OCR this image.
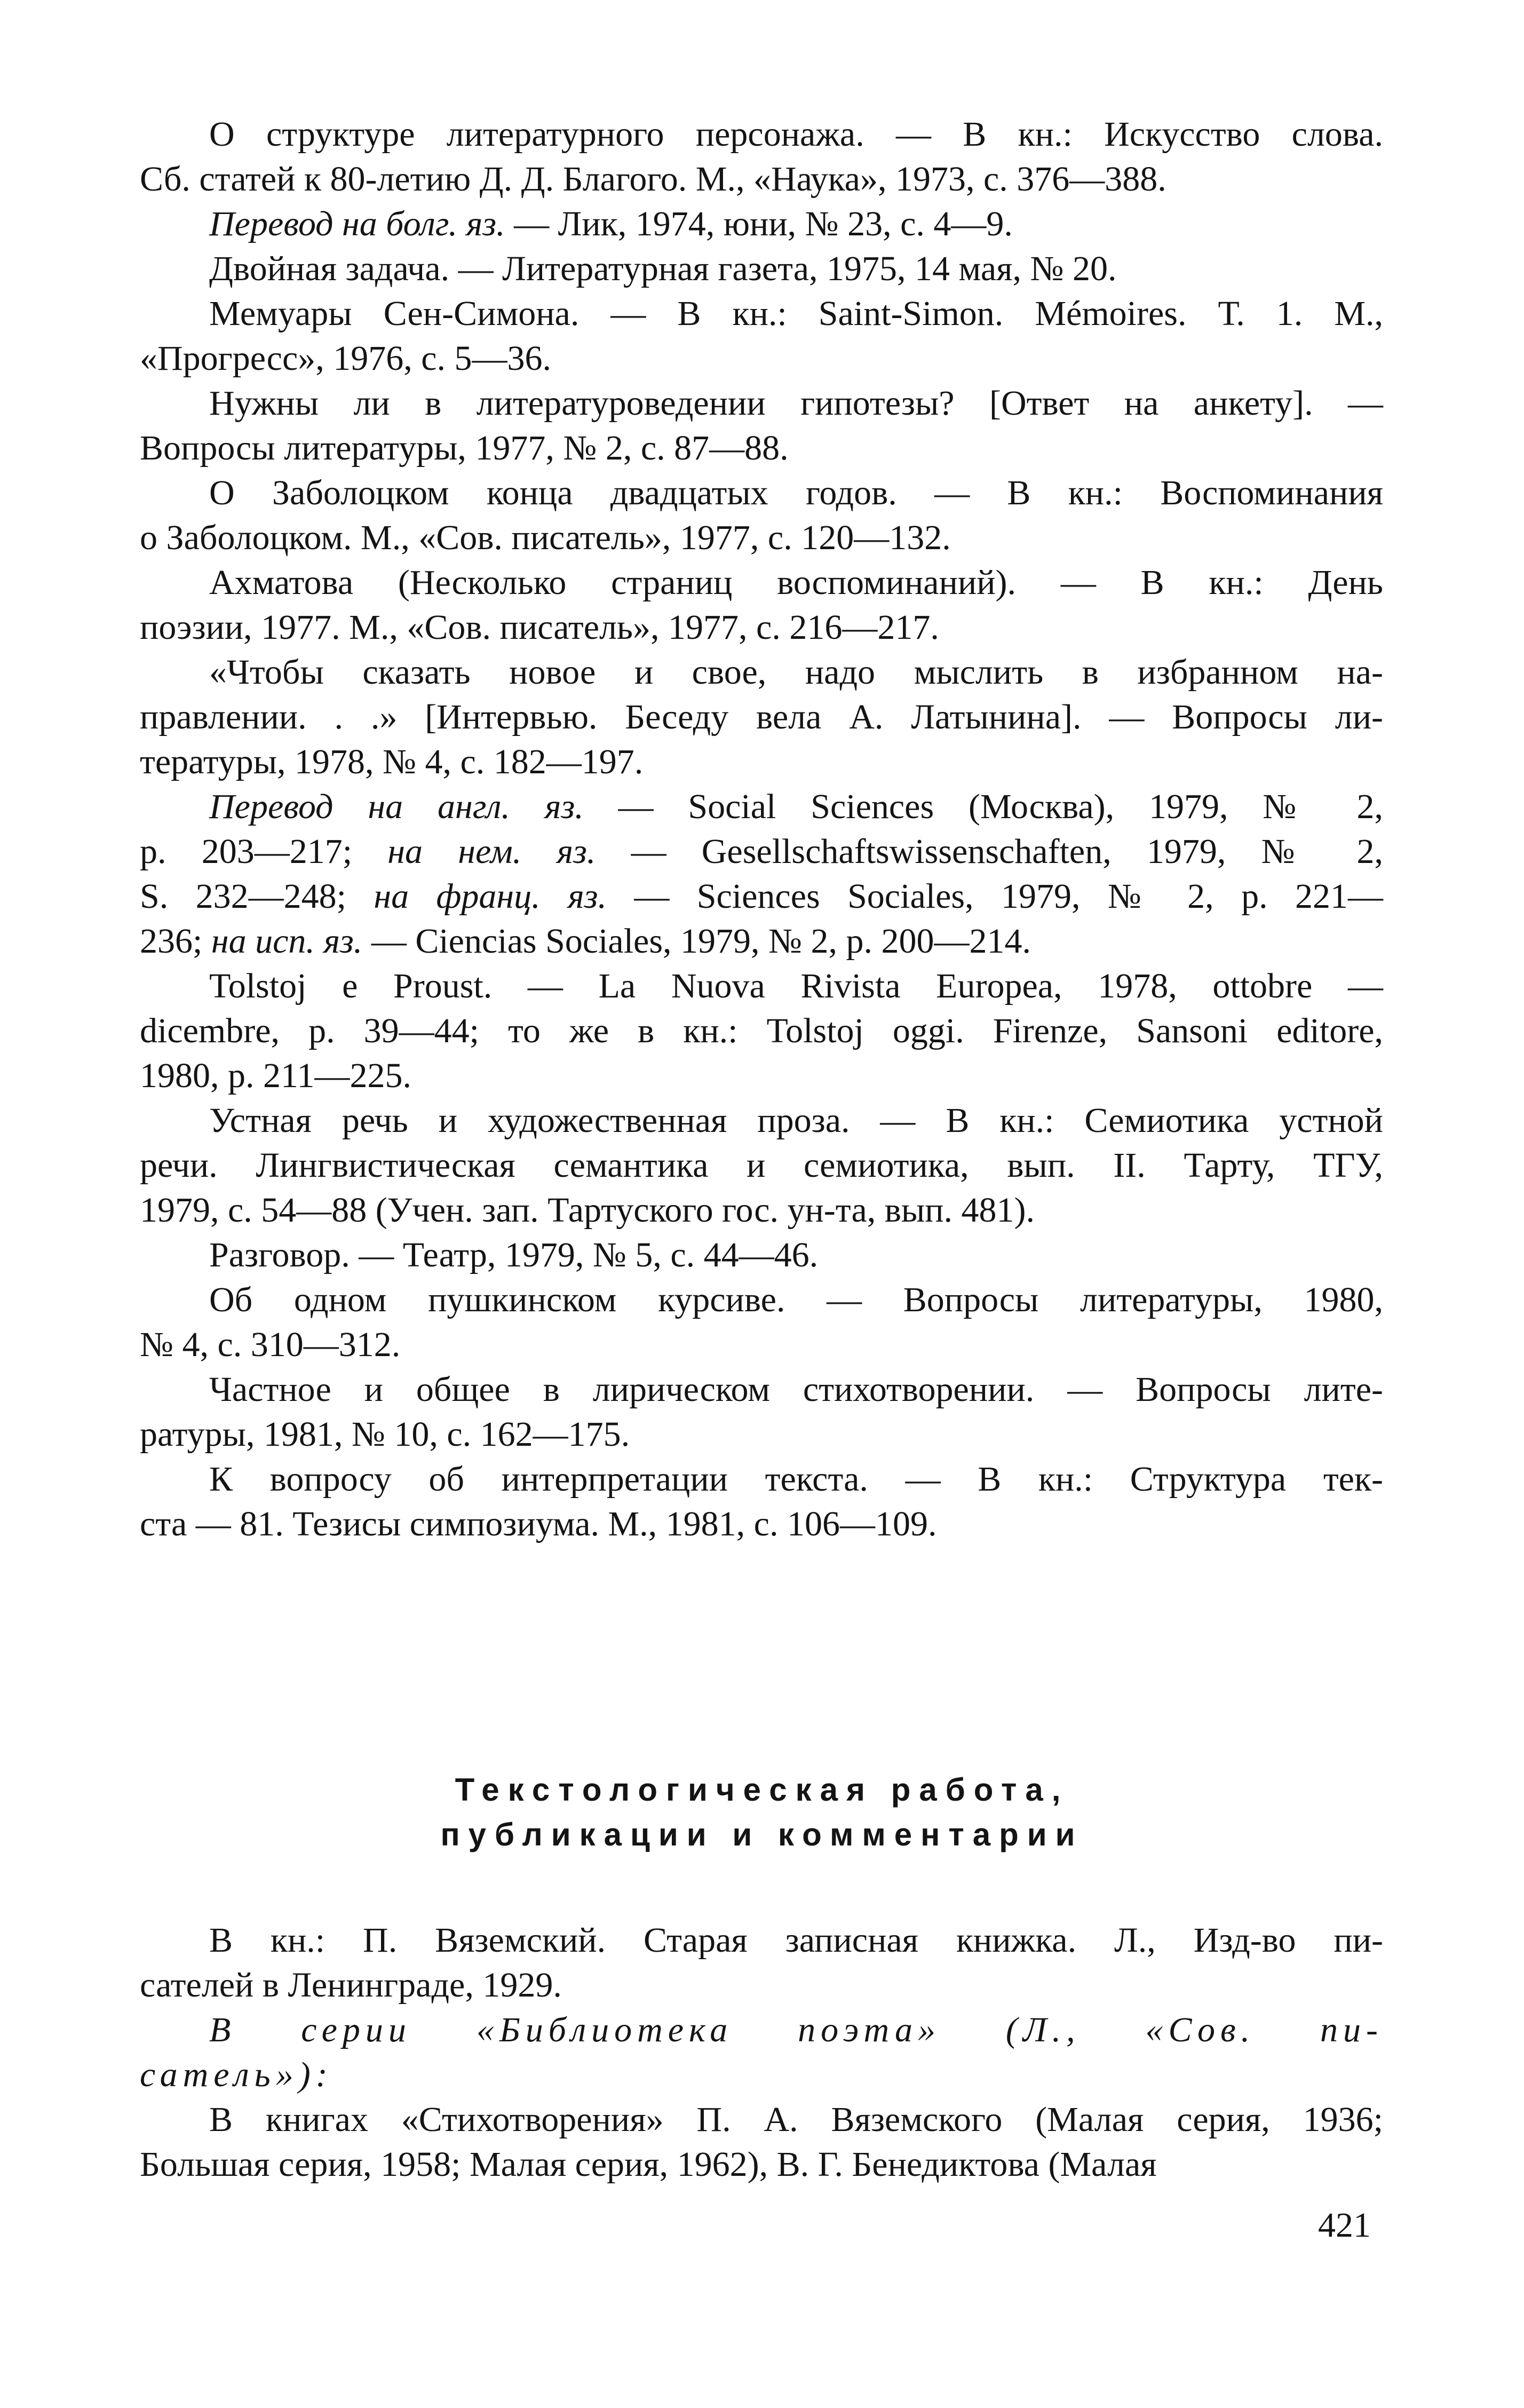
О структуре литературного персонажа. — В кн.: Искусство слова.
Сб. статей к 80-летию Д. Д. Благого. М., «Наука», 1973, с. 376—388.
Перевод на болг. яз. — Лик, 1974, юни, № 23, с. 4—9.
Двойная задача. — Литературная газета, 1975, 14 мая, № 20.
Мемуары Сен-Симона. — В кн.: Saint-Simon. Mémoires. Т. 1. М.,
«Прогресс», 1976, с. 5—36.
Нужны ли в литературоведении гипотезы? [Ответ на анкету]. —
Вопросы литературы, 1977, № 2, с. 87—88.
О Заболоцком конца двадцатых годов. — В кн.: Воспоминания
о Заболоцком. М., «Сов. писатель», 1977, с. 120—132.
Ахматова (Несколько страниц воспоминаний). — В кн.: День
поэзии, 1977. М., «Сов. писатель», 1977, с. 216—217.
«Чтобы сказать новое и свое, надо мыслить в избранном на-
правлении. . .» [Интервью. Беседу вела А. Латынина]. — Вопросы ли-
тературы, 1978, № 4, с. 182—197.
Перевод на англ. яз. — Social Sciences (Москва), 1979, № 2,
p. 203—217; на нем. яз. — Gesellschaftswissenschaften, 1979, № 2,
S. 232—248; на франц. яз. — Sciences Sociales, 1979, № 2, p. 221—
236; на исп. яз. — Ciencias Sociales, 1979, № 2, p. 200—214.
Tolstoj e Proust. — La Nuova Rivista Europea, 1978, ottobre —
dicembre, p. 39—44; то же в кн.: Tolstoj oggi. Firenze, Sansoni editore,
1980, p. 211—225.
Устная речь и художественная проза. — В кн.: Семиотика устной
речи. Лингвистическая семантика и семиотика, вып. II. Тарту, ТГУ,
1979, с. 54—88 (Учен. зап. Тартуского гос. ун-та, вып. 481).
Разговор. — Театр, 1979, № 5, с. 44—46.
Об одном пушкинском курсиве. — Вопросы литературы, 1980,
№ 4, с. 310—312.
Частное и общее в лирическом стихотворении. — Вопросы лите-
ратуры, 1981, № 10, с. 162—175.
К вопросу об интерпретации текста. — В кн.: Структура тек-
ста — 81. Тезисы симпозиума. М., 1981, с. 106—109.
Текстологическая работа,
публикации и комментарии
В кн.: П. Вяземский. Старая записная книжка. Л., Изд-во пи-
сателей в Ленинграде, 1929.
В серии «Библиотека поэта» (Л., «Сов. пи-
сатель»):
В книгах «Стихотворения» П. А. Вяземского (Малая серия, 1936;
Большая серия, 1958; Малая серия, 1962), В. Г. Бенедиктова (Малая
421
